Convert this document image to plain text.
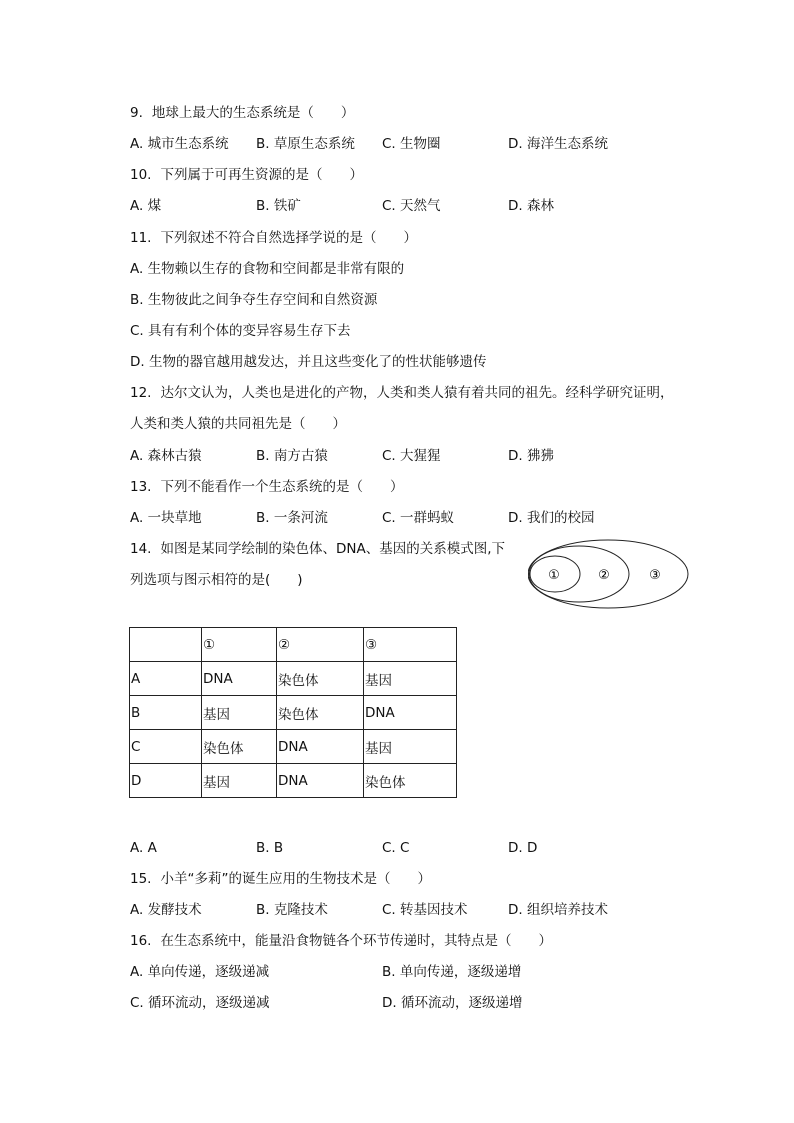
9. 地球上最大的生态系统是（　　）
A. 城市生态系统 B. 草原生态系统 C. 生物圈	D. 海洋生态系统
10. 下列属于可再生资源的是（　　）
A. 煤	B. 铁矿	C. 天然气	D. 森林
11. 下列叙述不符合自然选择学说的是（　　）
A. 生物赖以生存的食物和空间都是非常有限的
B. 生物彼此之间争夺生存空间和自然资源
C. 具有有利个体的变异容易生存下去
D. 生物的器官越用越发达，并且这些变化了的性状能够遗传
12. 达尔文认为，人类也是进化的产物，人类和类人猿有着共同的祖先。经科学研究证明，
人类和类人猿的共同祖先是（　　）
A. 森林古猿	B. 南方古猿	C. 大猩猩	D. 狒狒
13. 下列不能看作一个生态系统的是（　　）
A. 一块草地	B. 一条河流	C. 一群蚂蚁	D. 我们的校园
14. 如图是某同学绘制的染色体、DNA、基因的关系模式图,下
列选项与图示相符的是(　　)	①	②	③
	①	②	③
A	DNA	染色体	基因
B	基因	染色体	DNA
C	染色体	DNA	基因
D	基因	DNA	染色体
A. A	B. B	C. C	D. D
15. 小羊“多莉”的诞生应用的生物技术是（　　）
A. 发酵技术	B. 克隆技术	C. 转基因技术	D. 组织培养技术
16. 在生态系统中，能量沿食物链各个环节传递时，其特点是（　　）
A. 单向传递，逐级递减	B. 单向传递，逐级递增
C. 循环流动，逐级递减	D. 循环流动，逐级递增
